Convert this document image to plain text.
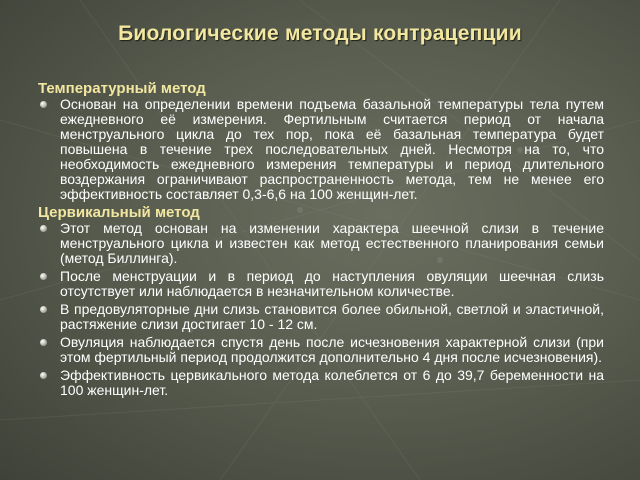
Биологические методы контрацепции
Температурный метод
Основан на определении времени подъема базальной температуры тела путем ежедневного её измерения. Фертильным считается период от начала менструального цикла до тех пор, пока её базальная температура будет повышена в течение трех последовательных дней. Несмотря на то, что необходимость ежедневного измерения температуры и период длительного воздержания ограничивают распространенность метода, тем не менее его эффективность составляет 0,3-6,6 на 100 женщин-лет.
Цервикальный метод
Этот метод основан на изменении характера шеечной слизи в течение менструального цикла и известен как метод естественного планирования семьи (метод Биллинга).
После менструации и в период до наступления овуляции шеечная слизь отсутствует или наблюдается в незначительном количестве.
В предовуляторные дни слизь становится более обильной, светлой и эластичной, растяжение слизи достигает 10 - 12 см.
Овуляция наблюдается спустя день после исчезновения характерной слизи (при этом фертильный период продолжится дополнительно 4 дня после исчезновения).
Эффективность цервикального метода колеблется от 6 до 39,7 беременности на 100 женщин-лет.
